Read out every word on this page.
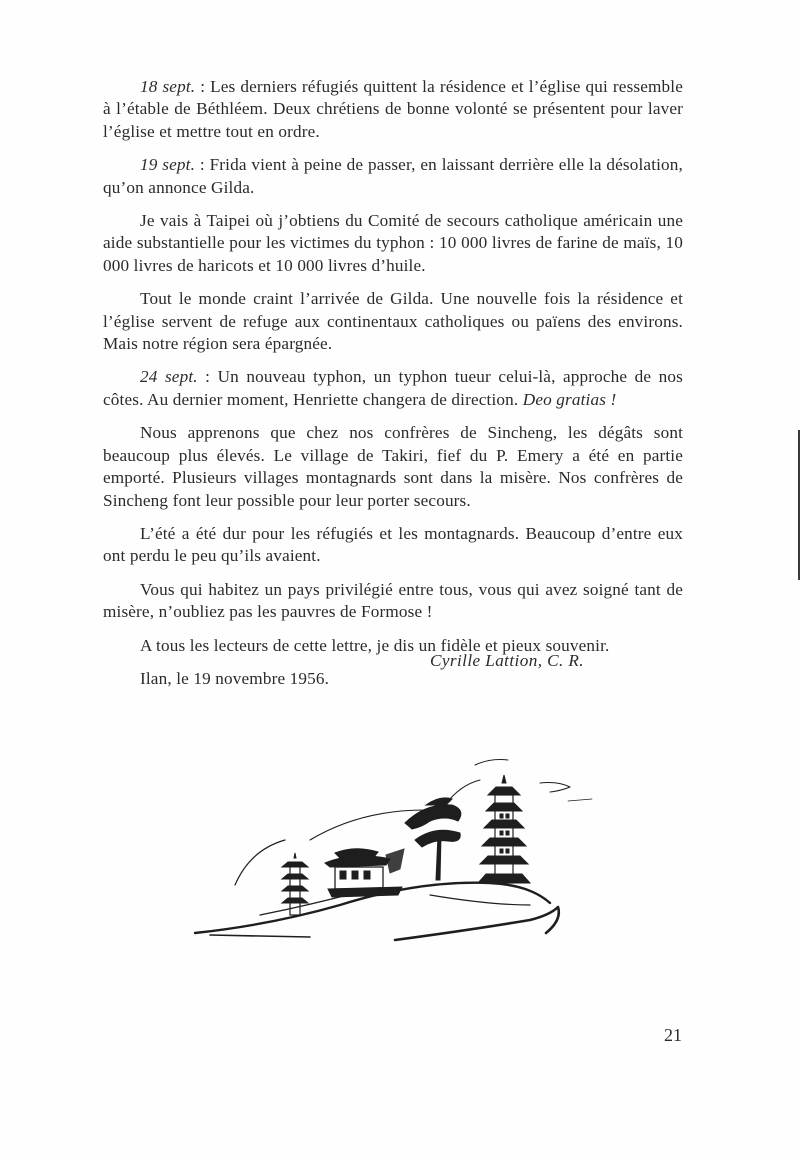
18 sept. : Les derniers réfugiés quittent la résidence et l’église qui ressemble à l’étable de Béthléem. Deux chrétiens de bonne volonté se présentent pour laver l’église et mettre tout en ordre.

19 sept. : Frida vient à peine de passer, en laissant derrière elle la désolation, qu’on annonce Gilda.

Je vais à Taipei où j’obtiens du Comité de secours catholique américain une aide substantielle pour les victimes du typhon : 10 000 livres de farine de maïs, 10 000 livres de haricots et 10 000 livres d’huile.

Tout le monde craint l’arrivée de Gilda. Une nouvelle fois la résidence et l’église servent de refuge aux continentaux catholiques ou païens des environs. Mais notre région sera épargnée.

24 sept. : Un nouveau typhon, un typhon tueur celui-là, approche de nos côtes. Au dernier moment, Henriette changera de direction. Deo gratias !

Nous apprenons que chez nos confrères de Sincheng, les dégâts sont beaucoup plus élevés. Le village de Takiri, fief du P. Emery a été en partie emporté. Plusieurs villages montagnards sont dans la misère. Nos confrères de Sincheng font leur possible pour leur porter secours.

L’été a été dur pour les réfugiés et les montagnards. Beaucoup d’entre eux ont perdu le peu qu’ils avaient.

Vous qui habitez un pays privilégié entre tous, vous qui avez soigné tant de misère, n’oubliez pas les pauvres de Formose !

A tous les lecteurs de cette lettre, je dis un fidèle et pieux souvenir.

Ilan, le 19 novembre 1956.

Cyrille Lattion, C. R.
21
